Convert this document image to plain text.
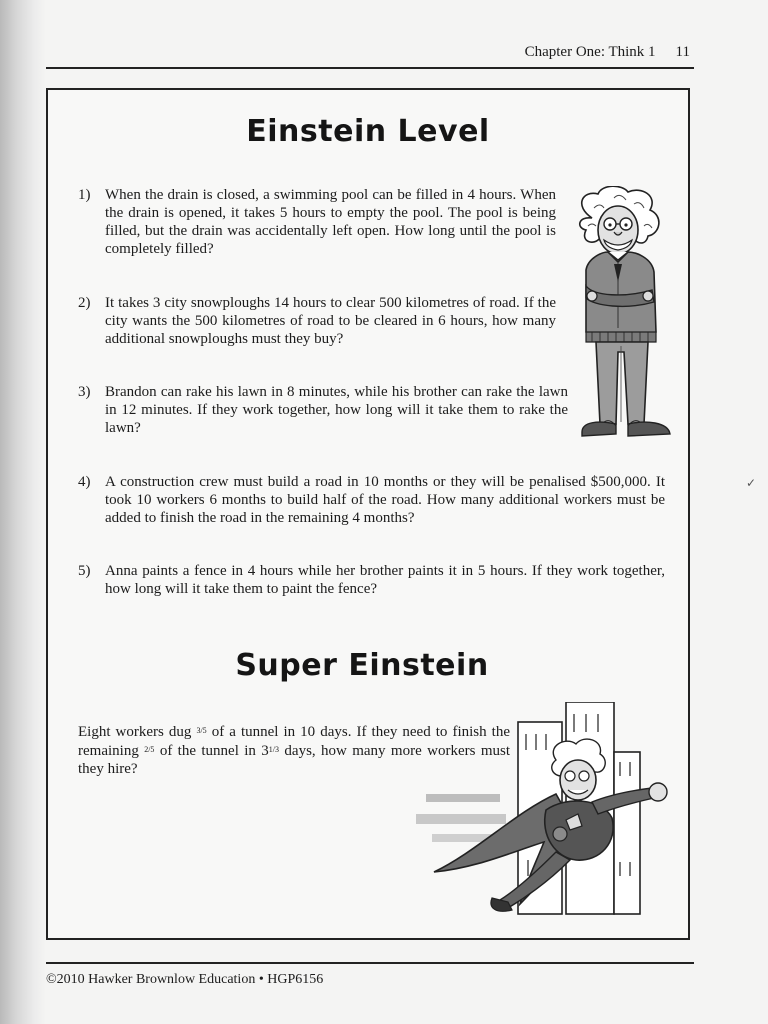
Chapter One: Think 1 11
Einstein Level
1) When the drain is closed, a swimming pool can be filled in 4 hours. When the drain is opened, it takes 5 hours to empty the pool. The pool is being filled, but the drain was accidentally left open. How long until the pool is completely filled?
2) It takes 3 city snowploughs 14 hours to clear 500 kilometres of road. If the city wants the 500 kilometres of road to be cleared in 6 hours, how many additional snowploughs must they buy?
3) Brandon can rake his lawn in 8 minutes, while his brother can rake the lawn in 12 minutes. If they work together, how long will it take them to rake the lawn?
4) A construction crew must build a road in 10 months or they will be penalised $500,000. It took 10 workers 6 months to build half of the road. How many additional workers must be added to finish the road in the remaining 4 months?
5) Anna paints a fence in 4 hours while her brother paints it in 5 hours. If they work together, how long will it take them to paint the fence?
Super Einstein
Eight workers dug $^{3/5}$ of a tunnel in 10 days. If they need to finish the remaining $^{2/5}$ of the tunnel in $3^{1/3}$ days, how many more workers must they hire?
©2010 Hawker Brownlow Education • HGP6156
✓
